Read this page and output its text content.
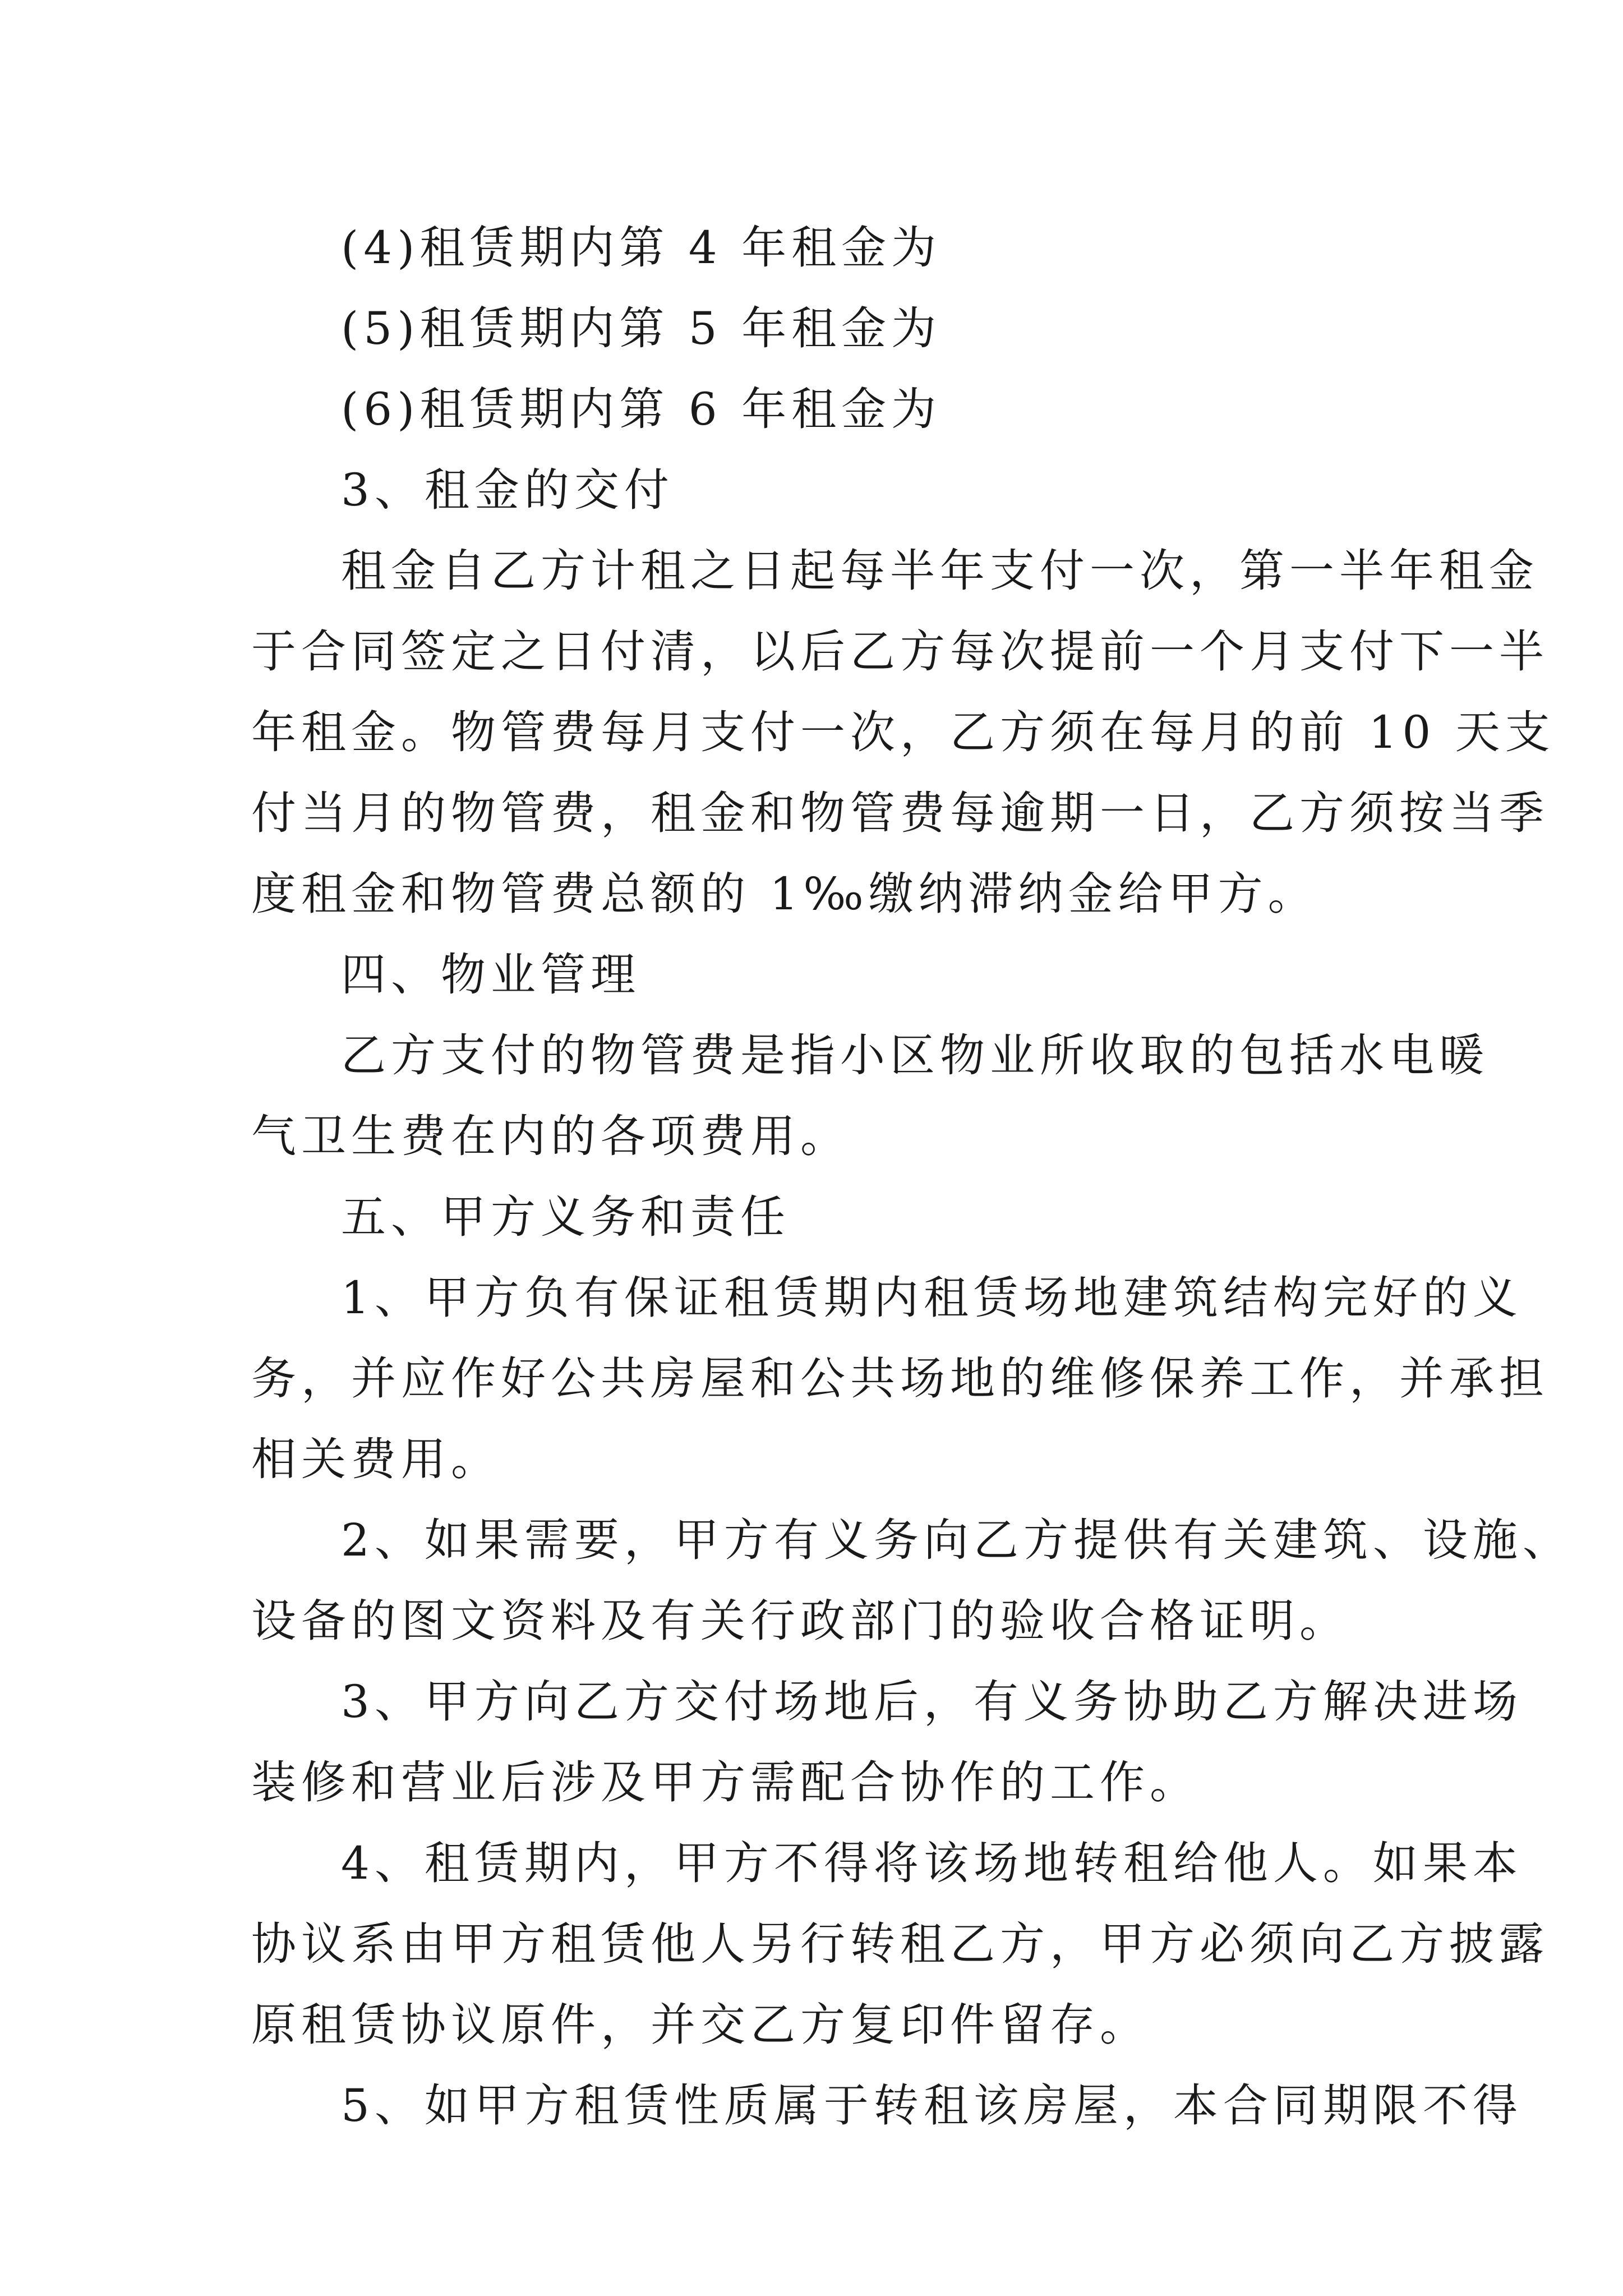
(4)租赁期内第 4 年租金为
(5)租赁期内第 5 年租金为
(6)租赁期内第 6 年租金为
3、租金的交付
租金自乙方计租之日起每半年支付一次，第一半年租金
于合同签定之日付清，以后乙方每次提前一个月支付下一半
年租金。物管费每月支付一次，乙方须在每月的前 10 天支
付当月的物管费，租金和物管费每逾期一日，乙方须按当季
度租金和物管费总额的 1‰缴纳滞纳金给甲方。
四、物业管理
乙方支付的物管费是指小区物业所收取的包括水电暖
气卫生费在内的各项费用。
五、甲方义务和责任
1、甲方负有保证租赁期内租赁场地建筑结构完好的义
务，并应作好公共房屋和公共场地的维修保养工作，并承担
相关费用。
2、如果需要，甲方有义务向乙方提供有关建筑、设施、
设备的图文资料及有关行政部门的验收合格证明。
3、甲方向乙方交付场地后，有义务协助乙方解决进场
装修和营业后涉及甲方需配合协作的工作。
4、租赁期内，甲方不得将该场地转租给他人。如果本
协议系由甲方租赁他人另行转租乙方，甲方必须向乙方披露
原租赁协议原件，并交乙方复印件留存。
5、如甲方租赁性质属于转租该房屋，本合同期限不得
